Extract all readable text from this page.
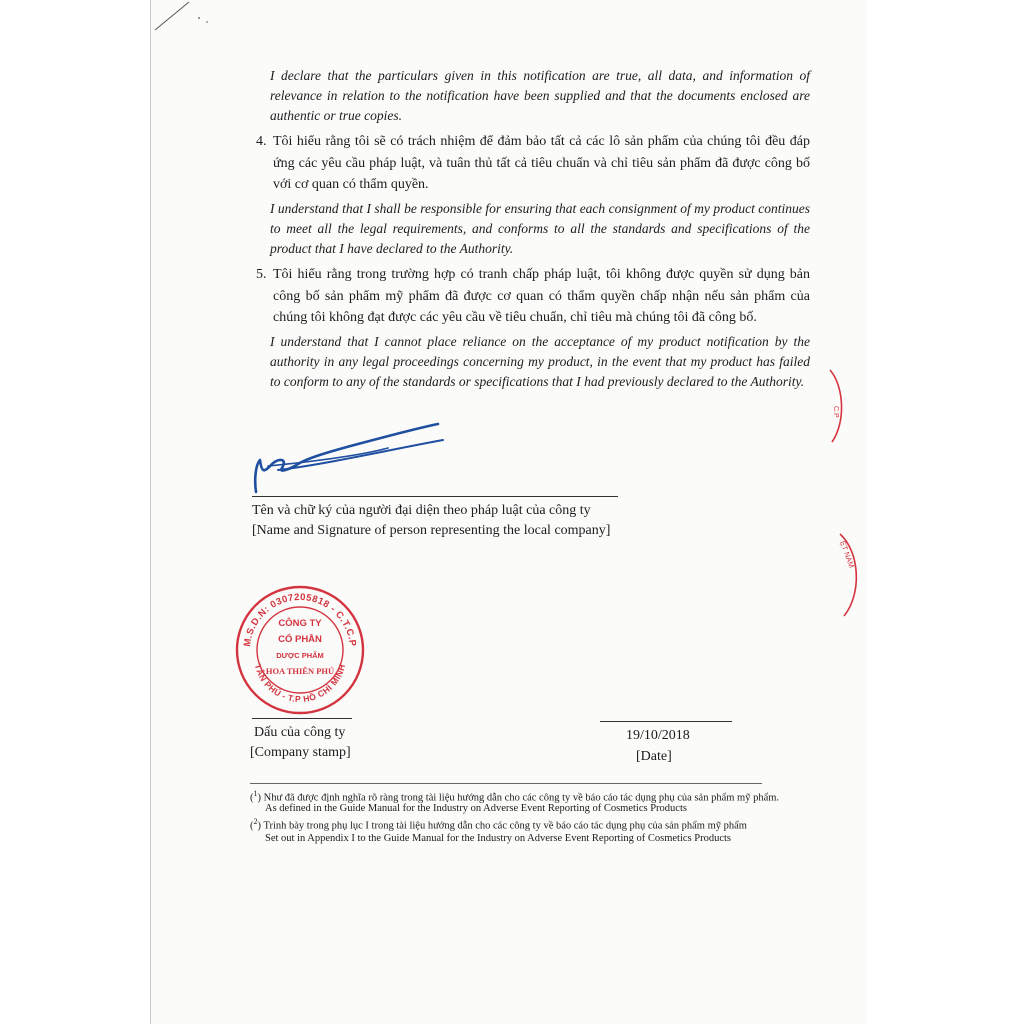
I declare that the particulars given in this notification are true, all data, and information of relevance in relation to the notification have been supplied and that the documents enclosed are authentic or true copies.

4. Tôi hiểu rằng tôi sẽ có trách nhiệm để đảm bảo tất cả các lô sản phẩm của chúng tôi đều đáp ứng các yêu cầu pháp luật, và tuân thủ tất cả tiêu chuẩn và chỉ tiêu sản phẩm đã được công bố với cơ quan có thẩm quyền.

I understand that I shall be responsible for ensuring that each consignment of my product continues to meet all the legal requirements, and conforms to all the standards and specifications of the product that I have declared to the Authority.

5. Tôi hiểu rằng trong trường hợp có tranh chấp pháp luật, tôi không được quyền sử dụng bản công bố sản phẩm mỹ phẩm đã được cơ quan có thẩm quyền chấp nhận nếu sản phẩm của chúng tôi không đạt được các yêu cầu về tiêu chuẩn, chỉ tiêu mà chúng tôi đã công bố.

I understand that I cannot place reliance on the acceptance of my product notification by the authority in any legal proceedings concerning my product, in the event that my product has failed to conform to any of the standards or specifications that I had previously declared to the Authority.

Tên và chữ ký của người đại diện theo pháp luật của công ty
[Name and Signature of person representing the local company]
M.S.D.N: 0307205818 - C.T.C.P
TÂN PHÚ - T.P HỒ CHÍ MINH
CÔNG TY
CỔ PHẦN
DƯỢC PHẨM
HOA THIÊN PHÚ
C.P
ỆT NAM
Dấu của công ty
[Company stamp]
19/10/2018
[Date]
($^1$) Như đã được định nghĩa rõ ràng trong tài liệu hướng dẫn cho các công ty về báo cáo tác dụng phụ của sản phẩm mỹ phẩm.
As defined in the Guide Manual for the Industry on Adverse Event Reporting of Cosmetics Products
($^2$) Trình bày trong phụ lục I trong tài liệu hướng dẫn cho các công ty về báo cáo tác dụng phụ của sản phẩm mỹ phẩm
Set out in Appendix I to the Guide Manual for the Industry on Adverse Event Reporting of Cosmetics Products
